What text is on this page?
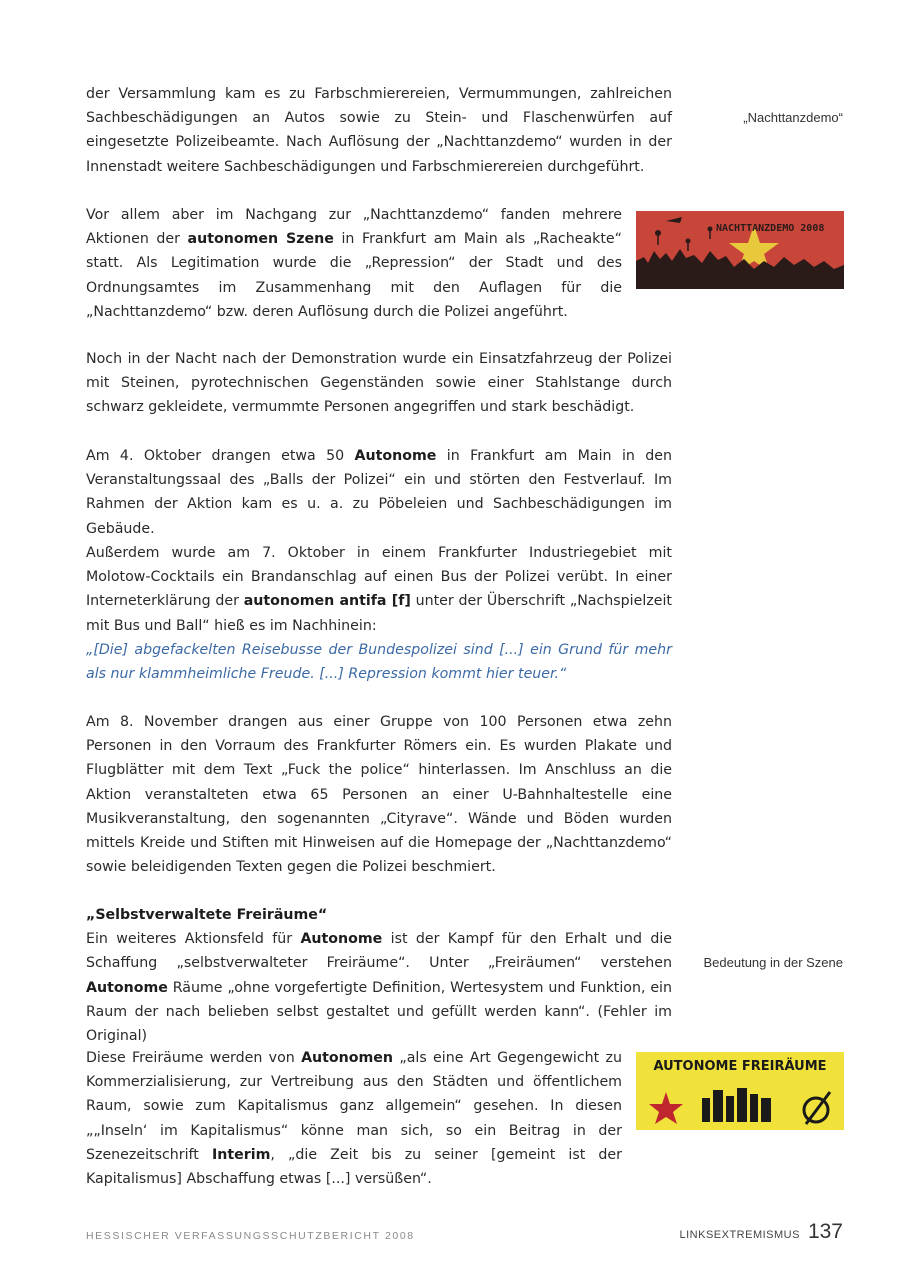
der Versammlung kam es zu Farbschmierereien, Vermummungen, zahlreichen Sachbeschädigungen an Autos sowie zu Stein- und Flaschenwürfen auf eingesetzte Polizeibeamte. Nach Auflösung der „Nachttanzdemo“ wurden in der Innenstadt weitere Sachbeschädigungen und Farbschmierereien durchgeführt.

Vor allem aber im Nachgang zur „Nachttanzdemo“ fanden mehrere Aktionen der autonomen Szene in Frankfurt am Main als „Racheakte“ statt. Als Legitimation wurde die „Repression“ der Stadt und des Ordnungsamtes im Zusammenhang mit den Auflagen für die „Nachttanzdemo“ bzw. deren Auflösung durch die Polizei angeführt.

Noch in der Nacht nach der Demonstration wurde ein Einsatzfahrzeug der Polizei mit Steinen, pyrotechnischen Gegenständen sowie einer Stahlstange durch schwarz gekleidete, vermummte Personen angegriffen und stark beschädigt.

Am 4. Oktober drangen etwa 50 Autonome in Frankfurt am Main in den Veranstaltungssaal des „Balls der Polizei“ ein und störten den Festverlauf. Im Rahmen der Aktion kam es u. a. zu Pöbeleien und Sachbeschädigungen im Gebäude.

Außerdem wurde am 7. Oktober in einem Frankfurter Industriegebiet mit Molotow-Cocktails ein Brandanschlag auf einen Bus der Polizei verübt. In einer Interneterklärung der autonomen antifa [f] unter der Überschrift „Nachspielzeit mit Bus und Ball“ hieß es im Nachhinein:

„[Die] abgefackelten Reisebusse der Bundespolizei sind [...] ein Grund für mehr als nur klammheimliche Freude. [...] Repression kommt hier teuer.“

Am 8. November drangen aus einer Gruppe von 100 Personen etwa zehn Personen in den Vorraum des Frankfurter Römers ein. Es wurden Plakate und Flugblätter mit dem Text „Fuck the police“ hinterlassen. Im Anschluss an die Aktion veranstalteten etwa 65 Personen an einer U-Bahnhaltestelle eine Musikveranstaltung, den sogenannten „Cityrave“. Wände und Böden wurden mittels Kreide und Stiften mit Hinweisen auf die Homepage der „Nachttanzdemo“ sowie beleidigenden Texten gegen die Polizei beschmiert.

„Selbstverwaltete Freiräume“

Ein weiteres Aktionsfeld für Autonome ist der Kampf für den Erhalt und die Schaffung „selbstverwalteter Freiräume“. Unter „Freiräumen“ verstehen Autonome Räume „ohne vorgefertigte Definition, Wertesystem und Funktion, ein Raum der nach belieben selbst gestaltet und gefüllt werden kann“. (Fehler im Original)

Diese Freiräume werden von Autonomen „als eine Art Gegengewicht zu Kommerzialisierung, zur Vertreibung aus den Städten und öffentlichem Raum, sowie zum Kapitalismus ganz allgemein“ gesehen. In diesen „„Inseln‘ im Kapitalismus“ könne man sich, so ein Beitrag in der Szenezeitschrift Interim, „die Zeit bis zu seiner [gemeint ist der Kapitalismus] Abschaffung etwas [...] versüßen“.

„Nachttanzdemo“
Bedeutung in der Szene
NACHTTANZDEMO 2008
AUTONOME FREIRÄUME
HESSISCHER VERFASSUNGSSCHUTZBERICHT 2008	LINKSEXTREMISMUS 137
